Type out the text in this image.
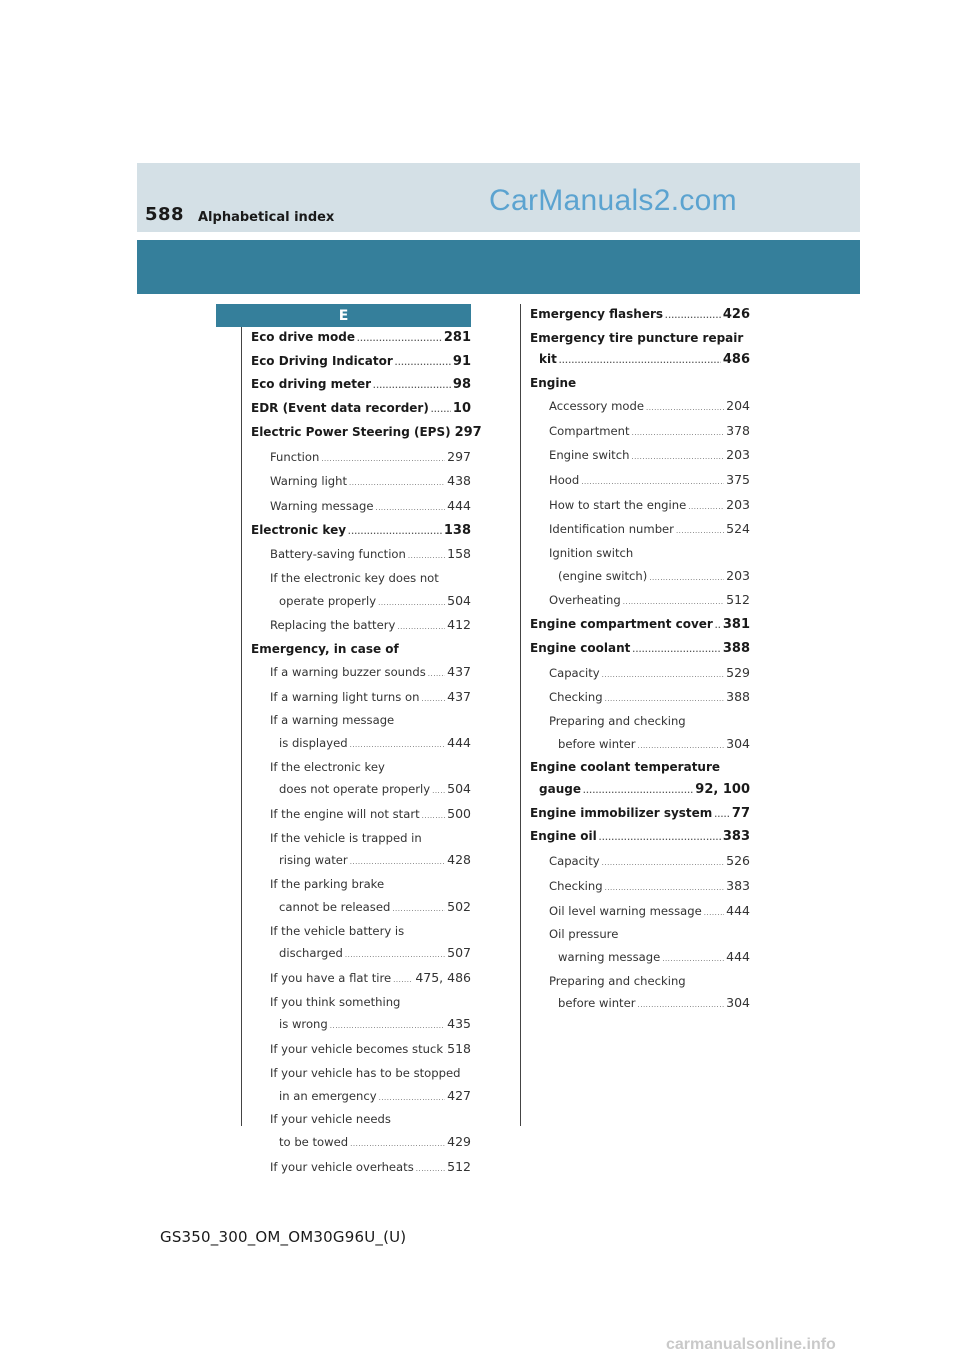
588 Alphabetical index
CarManuals2.com
E
Eco drive mode .....	281
Eco Driving Indicator .....	91
Eco driving meter .....	98
EDR (Event data recorder) ..... 10
Electric Power Steering (EPS) 297
Function .....	297
Warning light .....	438
Warning message .....	444
Electronic key .....	138
Battery-saving function .....	158
If the electronic key does not
operate properly .....	504
Replacing the battery .....	412
Emergency, in case of
If a warning buzzer sounds ..... 437
If a warning light turns on ..... 437
If a warning message
is displayed .....	444
If the electronic key
does not operate properly ..... 504
If the engine will not start ..... 500
If the vehicle is trapped in
rising water .....	428
If the parking brake
cannot be released .....	502
If the vehicle battery is
discharged .....	507
If you have a flat tire ..... 475, 486
If you think something
is wrong .....	435
If your vehicle becomes stuck ..... 518
If your vehicle has to be stopped
in an emergency .....	427
If your vehicle needs
to be towed .....	429
If your vehicle overheats .....	512
Emergency flashers .....	426
Emergency tire puncture repair
kit .....	486
Engine
Accessory mode .....	204
Compartment .....	378
Engine switch .....	203
Hood .....	375
How to start the engine .....	203
Identification number .....	524
Ignition switch
(engine switch) .....	203
Overheating .....	512
Engine compartment cover ..... 381
Engine coolant .....	388
Capacity .....	529
Checking .....	388
Preparing and checking
before winter .....	304
Engine coolant temperature
gauge .....	92, 100
Engine immobilizer system ..... 77
Engine oil .....	383
Capacity .....	526
Checking .....	383
Oil level warning message ..... 444
Oil pressure
warning message .....	444
Preparing and checking
before winter .....	304
GS350_300_OM_OM30G96U_(U)
carmanualsonline.info
